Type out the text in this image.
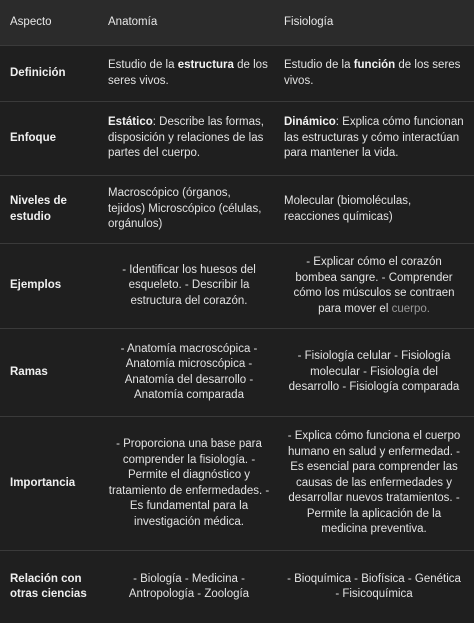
Aspecto	Anatomía	Fisiología
Definición
Estudio de la estructura de los seres vivos.
Estudio de la función de los seres vivos.
Enfoque
Estático: Describe las formas, disposición y relaciones de las partes del cuerpo.
Dinámico: Explica cómo funcionan las estructuras y cómo interactúan para mantener la vida.
Niveles de estudio
Macroscópico (órganos, tejidos) Microscópico (células, orgánulos)
Molecular (biomoléculas, reacciones químicas)
Ejemplos
- Identificar los huesos del esqueleto. - Describir la estructura del corazón.
- Explicar cómo el corazón bombea sangre. - Comprender cómo los músculos se contraen para mover el cuerpo.
Ramas
- Anatomía macroscópica - Anatomía microscópica - Anatomía del desarrollo - Anatomía comparada
- Fisiología celular - Fisiología molecular - Fisiología del desarrollo - Fisiología comparada
Importancia
- Proporciona una base para comprender la fisiología. - Permite el diagnóstico y tratamiento de enfermedades. - Es fundamental para la investigación médica.
- Explica cómo funciona el cuerpo humano en salud y enfermedad. - Es esencial para comprender las causas de las enfermedades y desarrollar nuevos tratamientos. - Permite la aplicación de la medicina preventiva.
Relación con otras ciencias
- Biología - Medicina - Antropología - Zoología
- Bioquímica - Biofísica - Genética - Fisicoquímica
